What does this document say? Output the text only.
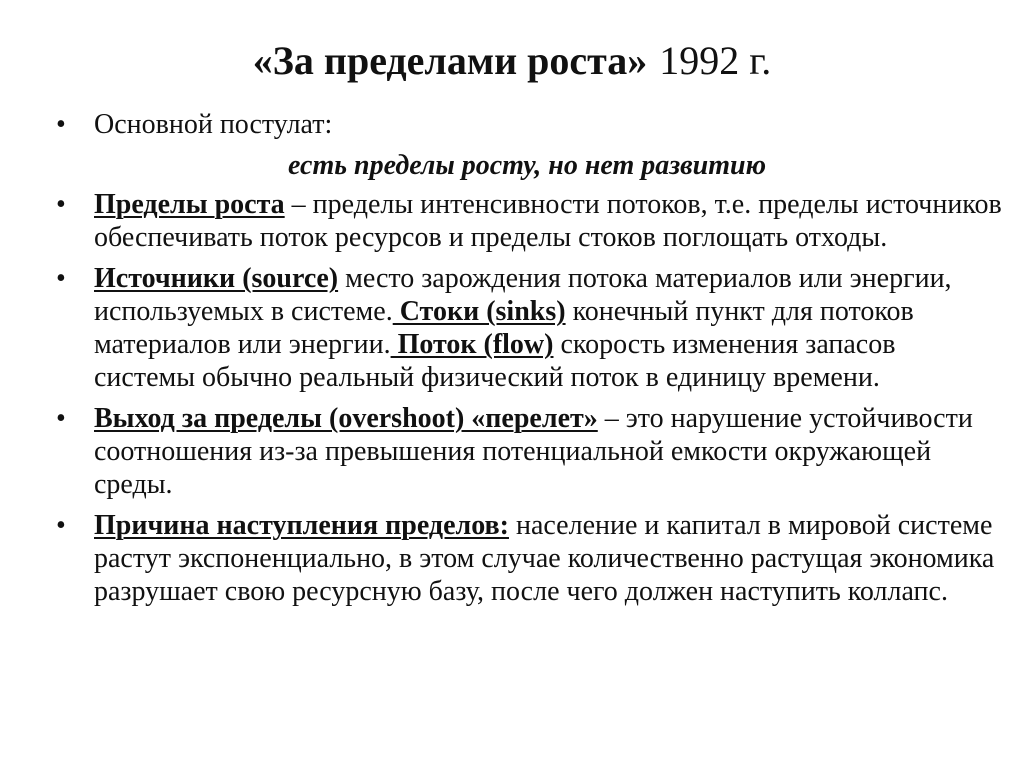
«За пределами роста» 1992 г.
• Основной постулат:
есть пределы росту, но нет развитию
• Пределы роста – пределы интенсивности потоков, т.е. пределы источников обеспечивать поток ресурсов и пределы стоков поглощать отходы.
• Источники (source) место зарождения потока материалов или энергии, используемых в системе. Стоки (sinks) конечный пункт для потоков материалов или энергии. Поток (flow) скорость изменения запасов системы обычно реальный физический поток в единицу времени.
• Выход за пределы (overshoot) «перелет» – это нарушение устойчивости соотношения из-за превышения потенциальной емкости окружающей среды.
• Причина наступления пределов: население и капитал в мировой системе растут экспоненциально, в этом случае количественно растущая экономика разрушает свою ресурсную базу, после чего должен наступить коллапс.
